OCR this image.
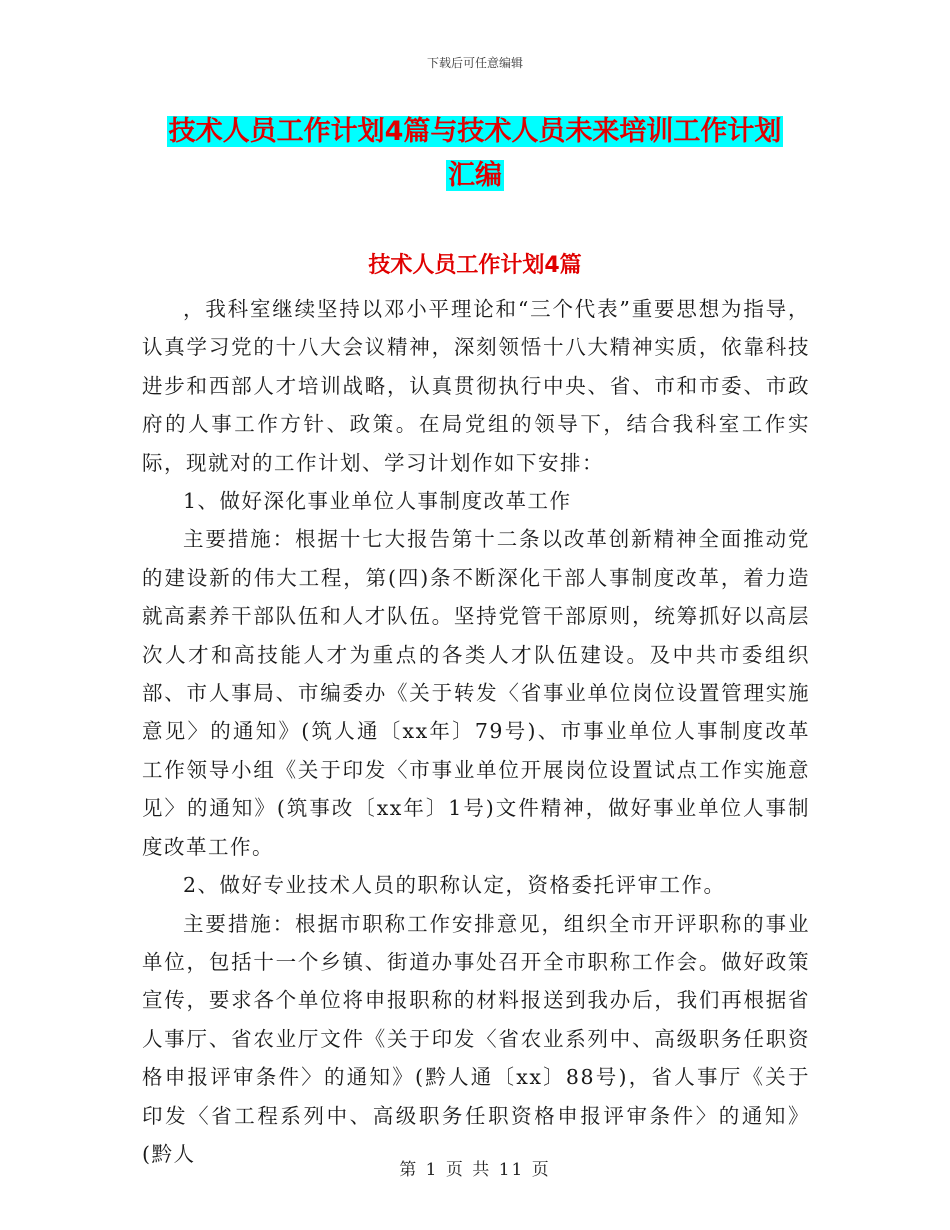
下载后可任意编辑
技术人员工作计划4篇与技术人员未来培训工作计划
汇编
技术人员工作计划4篇

，我科室继续坚持以邓小平理论和“三个代表”重要思想为指导，认真学习党的十八大会议精神，深刻领悟十八大精神实质，依靠科技进步和西部人才培训战略，认真贯彻执行中央、省、市和市委、市政府的人事工作方针、政策。在局党组的领导下，结合我科室工作实际，现就对的工作计划、学习计划作如下安排：

1、做好深化事业单位人事制度改革工作

主要措施：根据十七大报告第十二条以改革创新精神全面推动党的建设新的伟大工程，第(四)条不断深化干部人事制度改革，着力造就高素养干部队伍和人才队伍。坚持党管干部原则，统筹抓好以高层次人才和高技能人才为重点的各类人才队伍建设。及中共市委组织部、市人事局、市编委办《关于转发〈省事业单位岗位设置管理实施意见〉的通知》(筑人通〔xx年〕79号)、市事业单位人事制度改革工作领导小组《关于印发〈市事业单位开展岗位设置试点工作实施意见〉的通知》(筑事改〔xx年〕1号)文件精神，做好事业单位人事制度改革工作。

2、做好专业技术人员的职称认定，资格委托评审工作。

主要措施：根据市职称工作安排意见，组织全市开评职称的事业单位，包括十一个乡镇、街道办事处召开全市职称工作会。做好政策宣传，要求各个单位将申报职称的材料报送到我办后，我们再根据省人事厅、省农业厅文件《关于印发〈省农业系列中、高级职务任职资格申报评审条件〉的通知》(黔人通〔xx〕88号)，省人事厅《关于印发〈省工程系列中、高级职务任职资格申报评审条件〉的通知》(黔人

第 1 页 共 11 页
